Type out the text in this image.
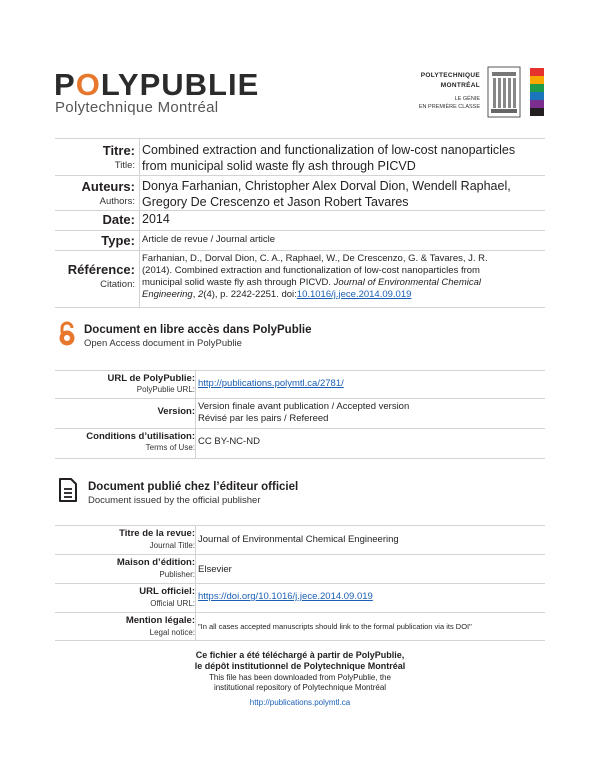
POLYPUBLIE
Polytechnique Montréal
POLYTECHNIQUE
MONTRÉAL
LE GÉNIE
EN PREMIÈRE CLASSE
Titre:
Title:
Combined extraction and functionalization of low-cost nanoparticles
from municipal solid waste fly ash through PICVD
Auteurs:
Authors:
Donya Farhanian, Christopher Alex Dorval Dion, Wendell Raphael,
Gregory De Crescenzo et Jason Robert Tavares
Date: 2014
Type: Article de revue / Journal article
Référence:
Citation:
Farhanian, D., Dorval Dion, C. A., Raphael, W., De Crescenzo, G. & Tavares, J. R.
(2014). Combined extraction and functionalization of low-cost nanoparticles from
municipal solid waste fly ash through PICVD. Journal of Environmental Chemical
Engineering, 2(4), p. 2242-2251. doi:10.1016/j.jece.2014.09.019
Document en libre accès dans PolyPublie
Open Access document in PolyPublie
URL de PolyPublie:
PolyPublie URL:
http://publications.polymtl.ca/2781/
Version: Version finale avant publication / Accepted version
Révisé par les pairs / Refereed
Conditions d’utilisation:
Terms of Use:
CC BY-NC-ND
Document publié chez l’éditeur officiel
Document issued by the official publisher
Titre de la revue:
Journal Title:
Journal of Environmental Chemical Engineering
Maison d’édition:
Publisher: Elsevier
URL officiel:
Official URL:
https://doi.org/10.1016/j.jece.2014.09.019
Mention légale:
Legal notice:
"In all cases accepted manuscripts should link to the formal publication via its DOI"
Ce fichier a été téléchargé à partir de PolyPublie,
le dépôt institutionnel de Polytechnique Montréal
This file has been downloaded from PolyPublie, the
institutional repository of Polytechnique Montréal
http://publications.polymtl.ca
